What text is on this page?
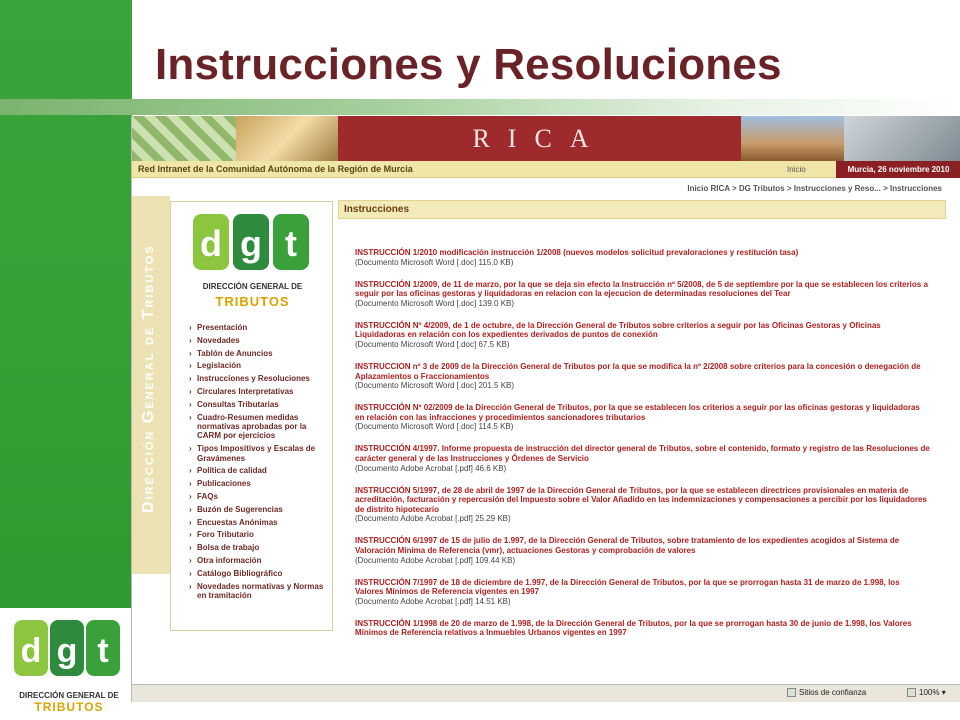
Instrucciones y Resoluciones
d g t
DIRECCIÓN GENERAL DE
TRIBUTOS
RICA
Red Intranet de la Comunidad Autónoma de la Región de Murcia	Inicio	Murcia, 26 noviembre 2010
Inicio RICA > DG Tributos > Instrucciones y Reso... > Instrucciones
Dirección General de Tributos
d g t
DIRECCIÓN GENERAL DE
TRIBUTOS
› Presentación
› Novedades
› Tablón de Anuncios
› Legislación
› Instrucciones y Resoluciones
› Circulares Interpretativas
› Consultas Tributarias
› Cuadro-Resumen medidas normativas aprobadas por la CARM por ejercicios
› Tipos Impositivos y Escalas de Gravámenes
› Política de calidad
› Publicaciones
› FAQs
› Buzón de Sugerencias
› Encuestas Anónimas
› Foro Tributario
› Bolsa de trabajo
› Otra información
› Catálogo Bibliográfico
› Novedades normativas y Normas en tramitación
Instrucciones
INSTRUCCIÓN 1/2010 modificación instrucción 1/2008 (nuevos modelos solicitud prevaloraciones y restitución tasa)
(Documento Microsoft Word [.doc] 115.0 KB)
INSTRUCCIÓN 1/2009, de 11 de marzo, por la que se deja sin efecto la Instrucción nº 5/2008, de 5 de septiembre por la que se establecen los criterios a seguir por las oficinas gestoras y liquidadoras en relacion con la ejecucion de determinadas resoluciones del Tear
(Documento Microsoft Word [.doc] 139.0 KB)
INSTRUCCIÓN Nº 4/2009, de 1 de octubre, de la Dirección General de Tributos sobre criterios a seguir por las Oficinas Gestoras y Oficinas Liquidadoras en relación con los expedientes derivados de puntos de conexión
(Documento Microsoft Word [.doc] 67.5 KB)
INSTRUCCION nº 3 de 2009 de la Dirección General de Tributos por la que se modifica la nº 2/2008 sobre criterios para la concesión o denegación de Aplazamientos o Fraccionamientos
(Documento Microsoft Word [.doc] 201.5 KB)
INSTRUCCIÓN Nº 02/2009 de la Dirección General de Tributos, por la que se establecen los criterios a seguir por las oficinas gestoras y liquidadoras en relación con las infracciones y procedimientos sancionadores tributarios
(Documento Microsoft Word [.doc] 114.5 KB)
INSTRUCCIÓN 4/1997. Informe propuesta de instrucción del director general de Tributos, sobre el contenido, formato y registro de las Resoluciones de carácter general y de las Instrucciones y Órdenes de Servicio
(Documento Adobe Acrobat [.pdf] 46.6 KB)
INSTRUCCIÓN 5/1997, de 28 de abril de 1997 de la Dirección General de Tributos, por la que se establecen directrices provisionales en materia de acreditación, facturación y repercusión del Impuesto sobre el Valor Añadido en las indemnizaciones y compensaciones a percibir por los liquidadores de distrito hipotecario
(Documento Adobe Acrobat [.pdf] 25.29 KB)
INSTRUCCIÓN 6/1997 de 15 de julio de 1.997, de la Dirección General de Tributos, sobre tratamiento de los expedientes acogidos al Sistema de Valoración Mínima de Referencia (vmr), actuaciones Gestoras y comprobación de valores
(Documento Adobe Acrobat [.pdf] 109.44 KB)
INSTRUCCIÓN 7/1997 de 18 de diciembre de 1.997, de la Dirección General de Tributos, por la que se prorrogan hasta 31 de marzo de 1.998, los Valores Mínimos de Referencia vigentes en 1997
(Documento Adobe Acrobat [.pdf] 14.51 KB)
INSTRUCCIÓN 1/1998 de 20 de marzo de 1.998, de la Dirección General de Tributos, por la que se prorrogan hasta 30 de junio de 1.998, los Valores Mínimos de Referencia relativos a Inmuebles Urbanos vigentes en 1997
Sitios de confianza	100% ▾
